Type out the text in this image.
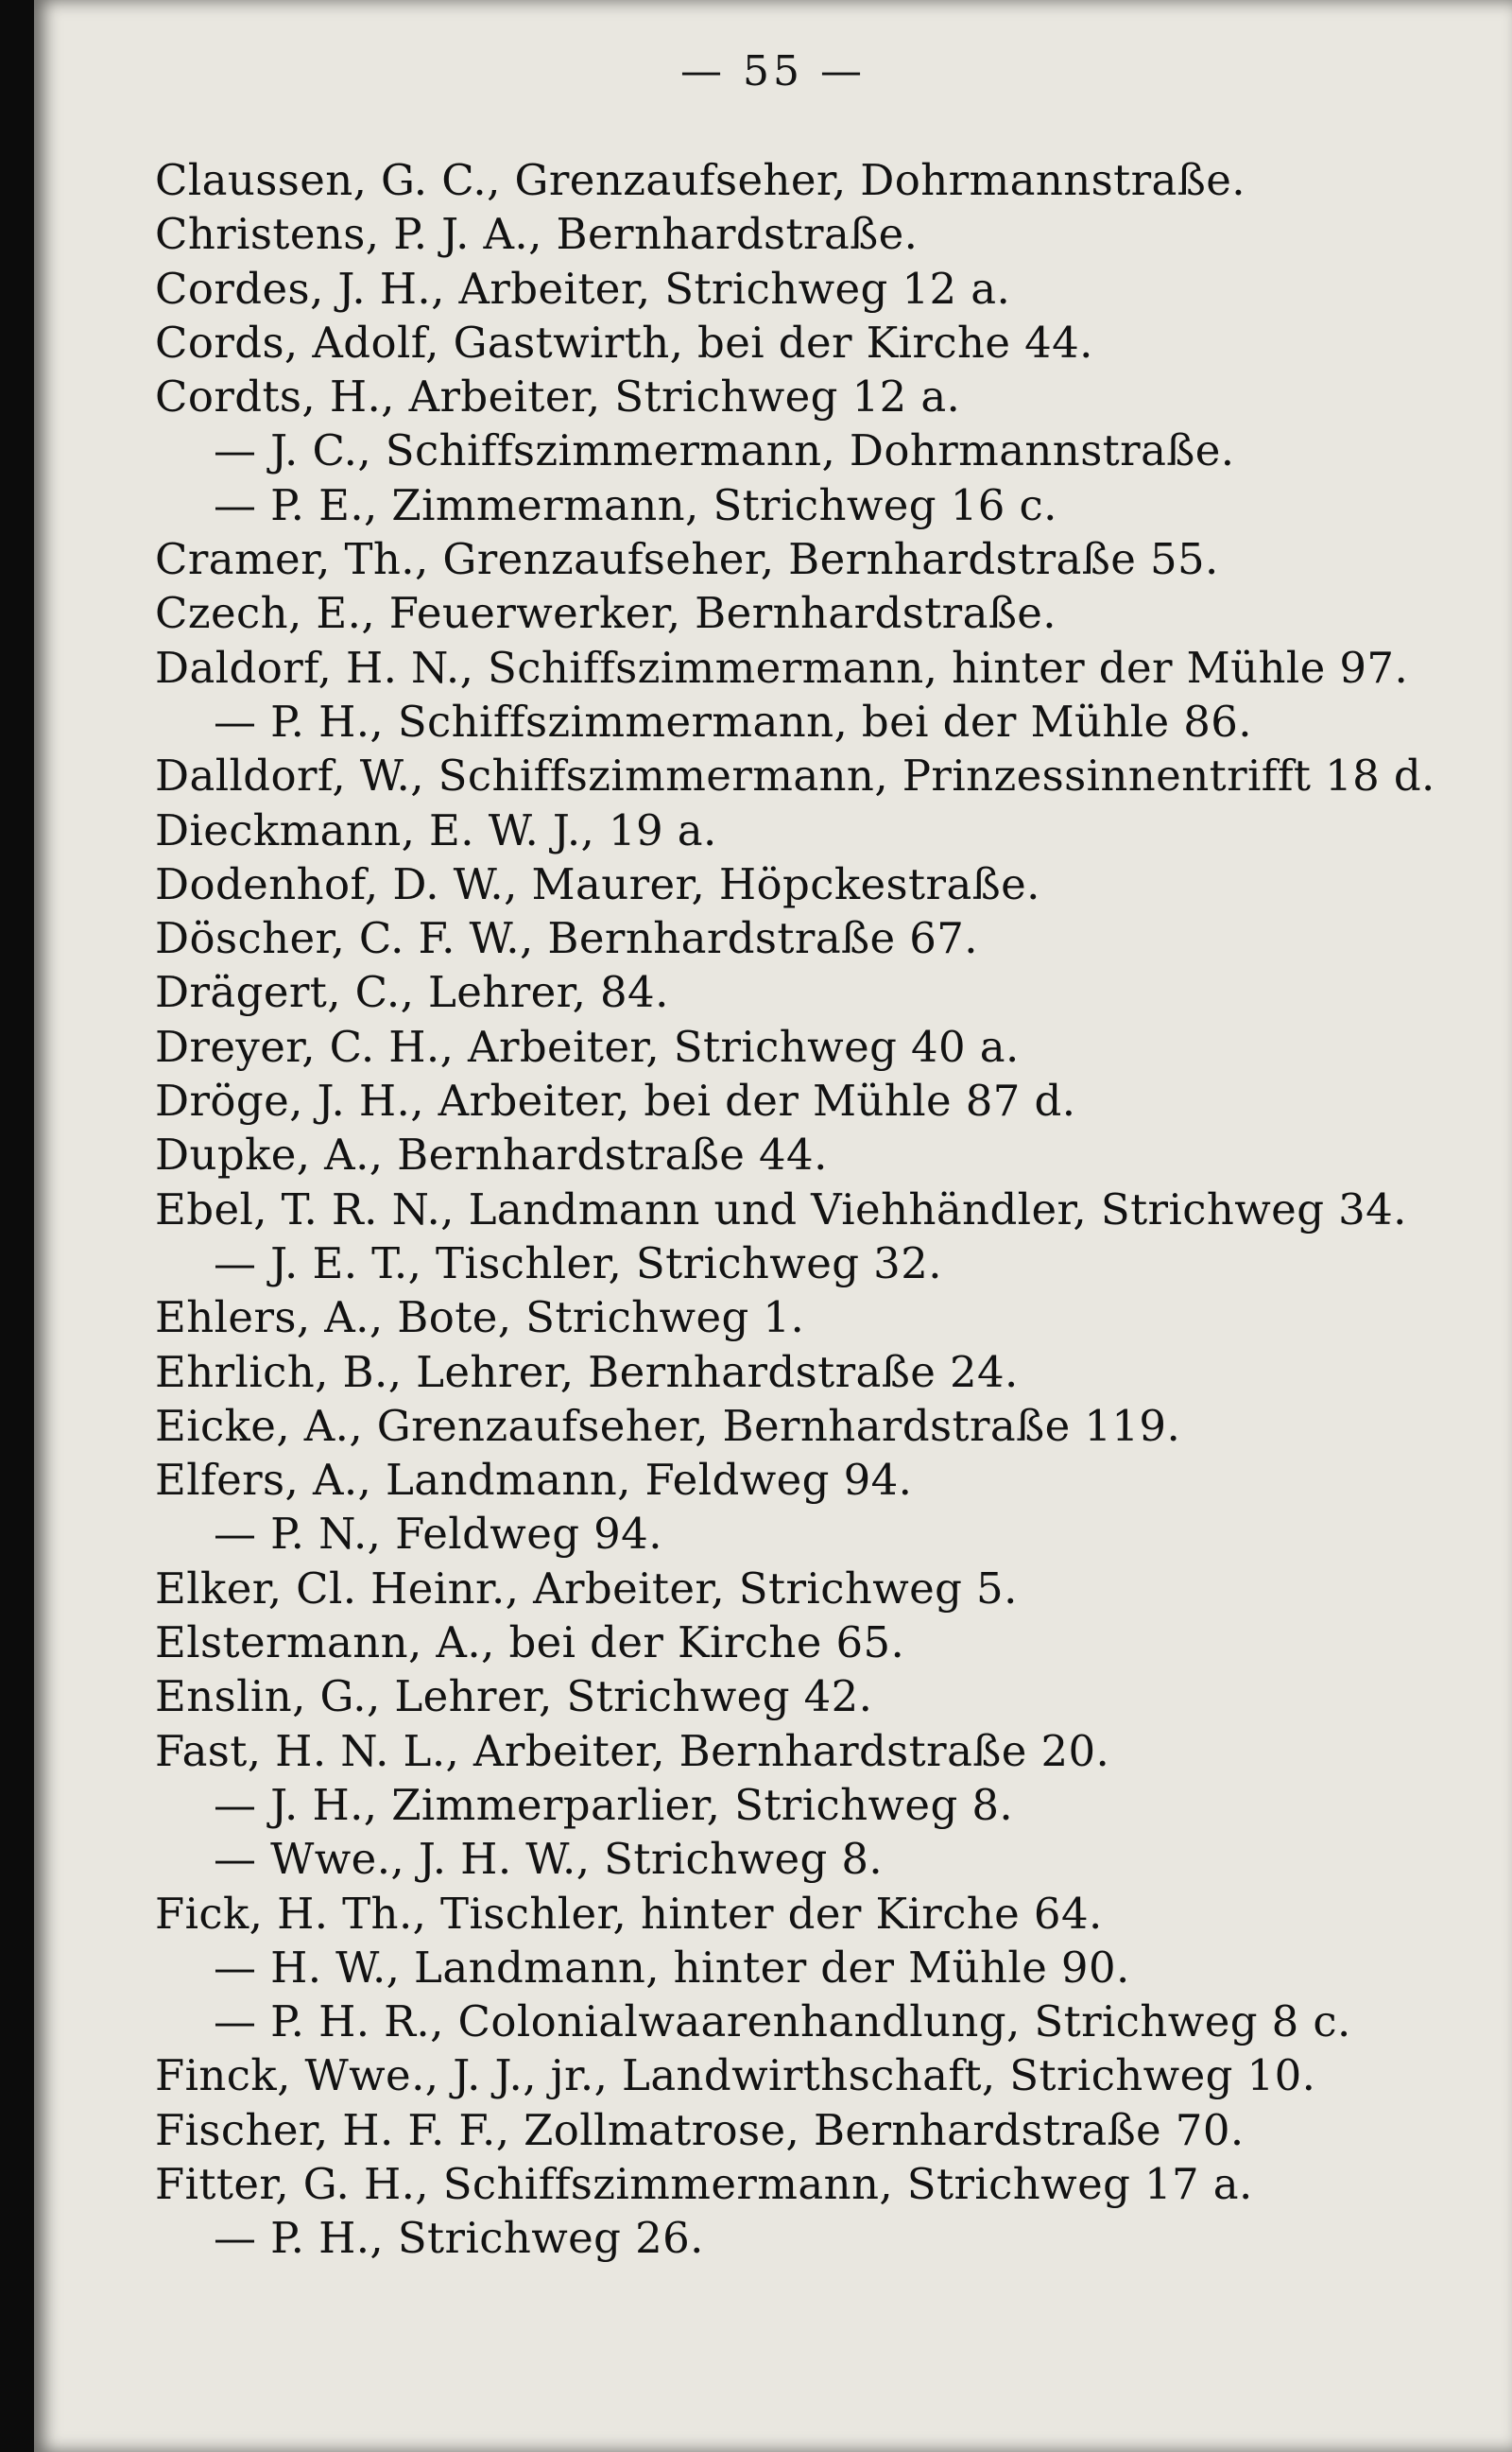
— 55 —
Claussen, G. C., Grenzaufseher, Dohrmannstraße.
Christens, P. J. A., Bernhardstraße.
Cordes, J. H., Arbeiter, Strichweg 12 a.
Cords, Adolf, Gastwirth, bei der Kirche 44.
Cordts, H., Arbeiter, Strichweg 12 a.
— J. C., Schiffszimmermann, Dohrmannstraße.
— P. E., Zimmermann, Strichweg 16 c.
Cramer, Th., Grenzaufseher, Bernhardstraße 55.
Czech, E., Feuerwerker, Bernhardstraße.
Daldorf, H. N., Schiffszimmermann, hinter der Mühle 97.
— P. H., Schiffszimmermann, bei der Mühle 86.
Dalldorf, W., Schiffszimmermann, Prinzessinnentrifft 18 d.
Dieckmann, E. W. J., 19 a.
Dodenhof, D. W., Maurer, Höpckestraße.
Döscher, C. F. W., Bernhardstraße 67.
Drägert, C., Lehrer, 84.
Dreyer, C. H., Arbeiter, Strichweg 40 a.
Dröge, J. H., Arbeiter, bei der Mühle 87 d.
Dupke, A., Bernhardstraße 44.
Ebel, T. R. N., Landmann und Viehhändler, Strichweg 34.
— J. E. T., Tischler, Strichweg 32.
Ehlers, A., Bote, Strichweg 1.
Ehrlich, B., Lehrer, Bernhardstraße 24.
Eicke, A., Grenzaufseher, Bernhardstraße 119.
Elfers, A., Landmann, Feldweg 94.
— P. N., Feldweg 94.
Elker, Cl. Heinr., Arbeiter, Strichweg 5.
Elstermann, A., bei der Kirche 65.
Enslin, G., Lehrer, Strichweg 42.
Fast, H. N. L., Arbeiter, Bernhardstraße 20.
— J. H., Zimmerparlier, Strichweg 8.
— Wwe., J. H. W., Strichweg 8.
Fick, H. Th., Tischler, hinter der Kirche 64.
— H. W., Landmann, hinter der Mühle 90.
— P. H. R., Colonialwaarenhandlung, Strichweg 8 c.
Finck, Wwe., J. J., jr., Landwirthschaft, Strichweg 10.
Fischer, H. F. F., Zollmatrose, Bernhardstraße 70.
Fitter, G. H., Schiffszimmermann, Strichweg 17 a.
— P. H., Strichweg 26.
